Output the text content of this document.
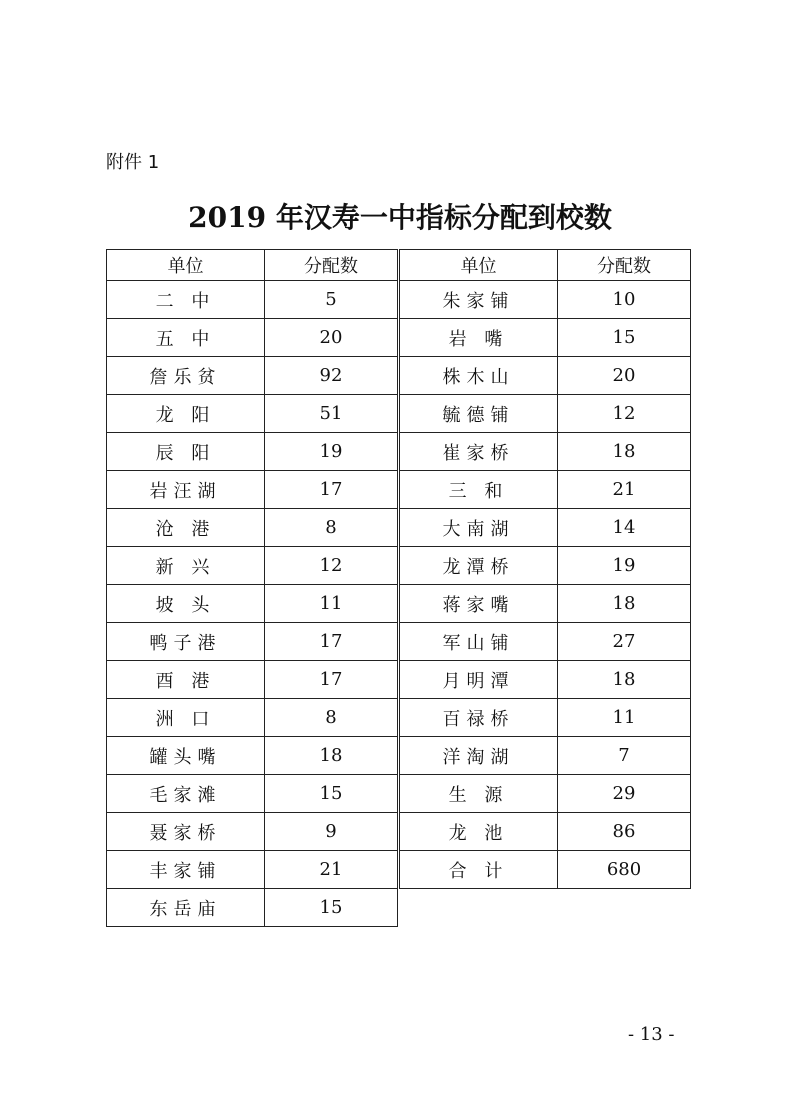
附件 1
2019 年汉寿一中指标分配到校数
单位	分配数
二 中	5
五 中	20
詹乐贫	92
龙 阳	51
辰 阳	19
岩汪湖	17
沧 港	8
新 兴	12
坡 头	11
鸭子港	17
酉 港	17
洲 口	8
罐头嘴	18
毛家滩	15
聂家桥	9
丰家铺	21
东岳庙	15
单位	分配数
朱家铺	10
岩 嘴	15
株木山	20
毓德铺	12
崔家桥	18
三 和	21
大南湖	14
龙潭桥	19
蒋家嘴	18
军山铺	27
月明潭	18
百禄桥	11
洋淘湖	7
生 源	29
龙 池	86
合 计	680
- 13 -
